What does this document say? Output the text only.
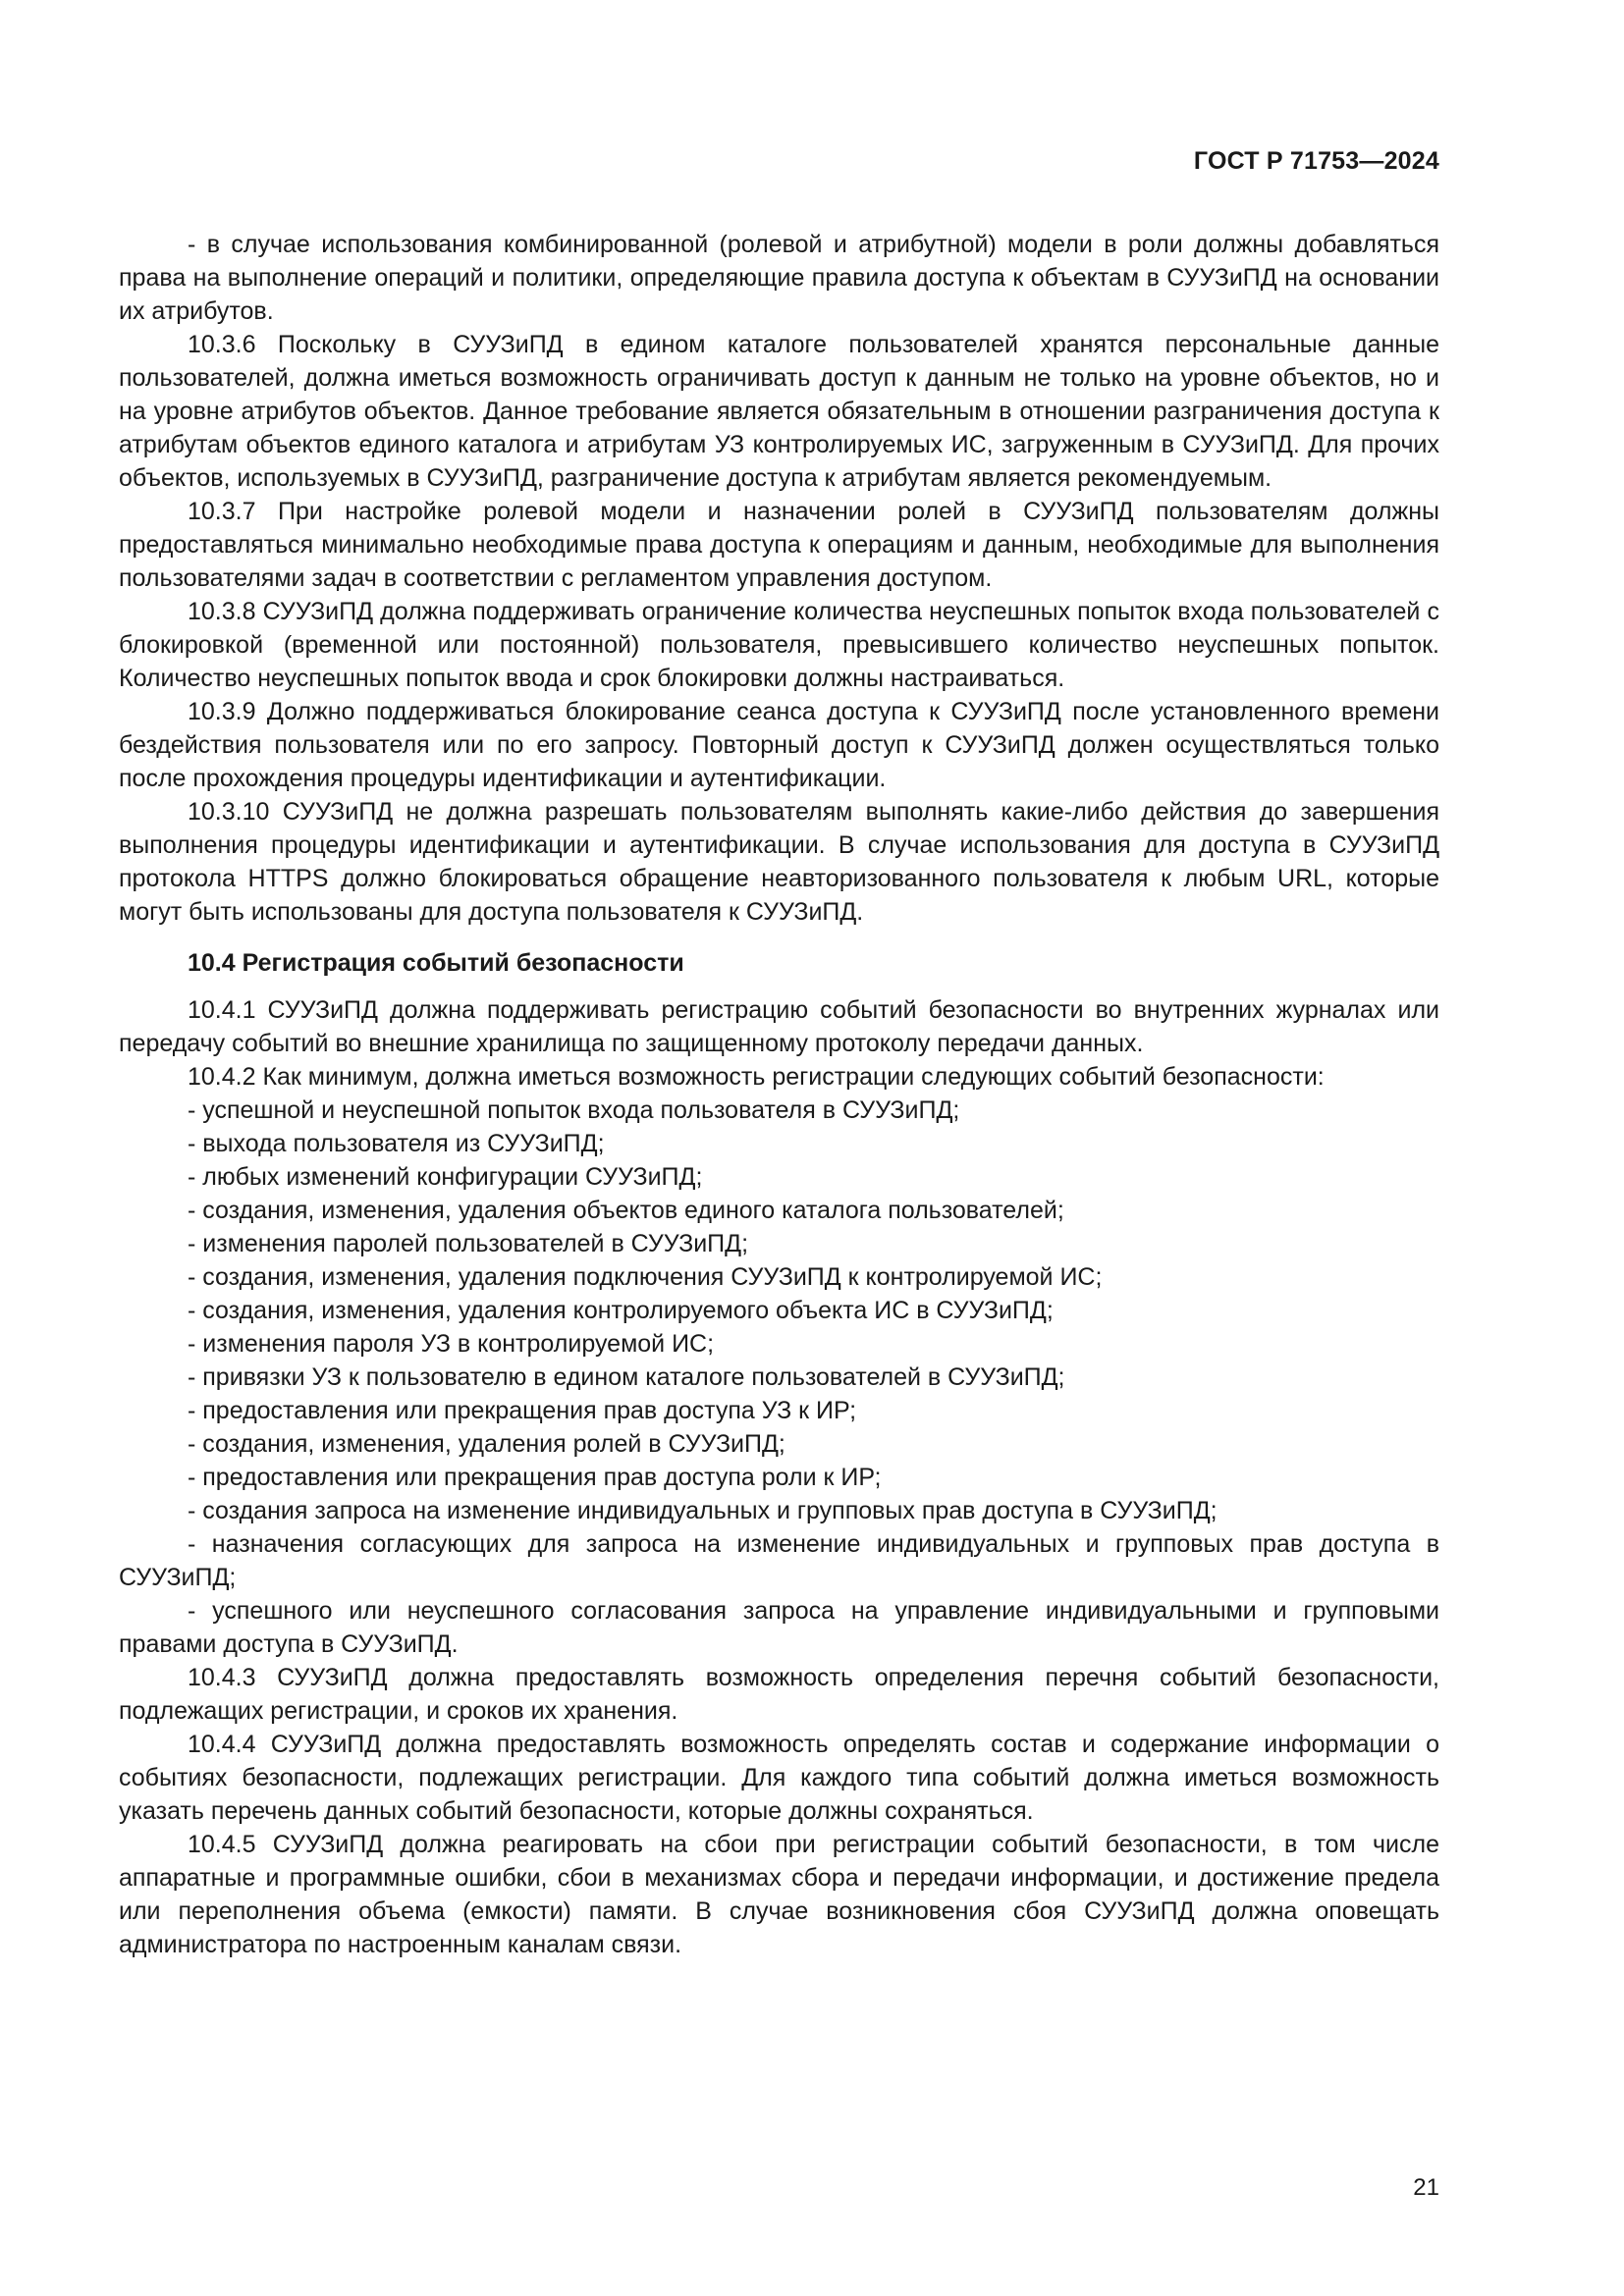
ГОСТ Р 71753—2024

- в случае использования комбинированной (ролевой и атрибутной) модели в роли должны добавляться права на выполнение операций и политики, определяющие правила доступа к объектам в СУУЗиПД на основании их атрибутов.

10.3.6 Поскольку в СУУЗиПД в едином каталоге пользователей хранятся персональные данные пользователей, должна иметься возможность ограничивать доступ к данным не только на уровне объектов, но и на уровне атрибутов объектов. Данное требование является обязательным в отношении разграничения доступа к атрибутам объектов единого каталога и атрибутам УЗ контролируемых ИС, загруженным в СУУЗиПД. Для прочих объектов, используемых в СУУЗиПД, разграничение доступа к атрибутам является рекомендуемым.

10.3.7 При настройке ролевой модели и назначении ролей в СУУЗиПД пользователям должны предоставляться минимально необходимые права доступа к операциям и данным, необходимые для выполнения пользователями задач в соответствии с регламентом управления доступом.

10.3.8 СУУЗиПД должна поддерживать ограничение количества неуспешных попыток входа пользователей с блокировкой (временной или постоянной) пользователя, превысившего количество неуспешных попыток. Количество неуспешных попыток ввода и срок блокировки должны настраиваться.

10.3.9 Должно поддерживаться блокирование сеанса доступа к СУУЗиПД после установленного времени бездействия пользователя или по его запросу. Повторный доступ к СУУЗиПД должен осуществляться только после прохождения процедуры идентификации и аутентификации.

10.3.10 СУУЗиПД не должна разрешать пользователям выполнять какие-либо действия до завершения выполнения процедуры идентификации и аутентификации. В случае использования для доступа в СУУЗиПД протокола HTTPS должно блокироваться обращение неавторизованного пользователя к любым URL, которые могут быть использованы для доступа пользователя к СУУЗиПД.

10.4 Регистрация событий безопасности

10.4.1 СУУЗиПД должна поддерживать регистрацию событий безопасности во внутренних журналах или передачу событий во внешние хранилища по защищенному протоколу передачи данных.

10.4.2 Как минимум, должна иметься возможность регистрации следующих событий безопасности:

- успешной и неуспешной попыток входа пользователя в СУУЗиПД;

- выхода пользователя из СУУЗиПД;

- любых изменений конфигурации СУУЗиПД;

- создания, изменения, удаления объектов единого каталога пользователей;

- изменения паролей пользователей в СУУЗиПД;

- создания, изменения, удаления подключения СУУЗиПД к контролируемой ИС;

- создания, изменения, удаления контролируемого объекта ИС в СУУЗиПД;

- изменения пароля УЗ в контролируемой ИС;

- привязки УЗ к пользователю в едином каталоге пользователей в СУУЗиПД;

- предоставления или прекращения прав доступа УЗ к ИР;

- создания, изменения, удаления ролей в СУУЗиПД;

- предоставления или прекращения прав доступа роли к ИР;

- создания запроса на изменение индивидуальных и групповых прав доступа в СУУЗиПД;

- назначения согласующих для запроса на изменение индивидуальных и групповых прав доступа в СУУЗиПД;

- успешного или неуспешного согласования запроса на управление индивидуальными и групповыми правами доступа в СУУЗиПД.

10.4.3 СУУЗиПД должна предоставлять возможность определения перечня событий безопасности, подлежащих регистрации, и сроков их хранения.

10.4.4 СУУЗиПД должна предоставлять возможность определять состав и содержание информации о событиях безопасности, подлежащих регистрации. Для каждого типа событий должна иметься возможность указать перечень данных событий безопасности, которые должны сохраняться.

10.4.5 СУУЗиПД должна реагировать на сбои при регистрации событий безопасности, в том числе аппаратные и программные ошибки, сбои в механизмах сбора и передачи информации, и достижение предела или переполнения объема (емкости) памяти. В случае возникновения сбоя СУУЗиПД должна оповещать администратора по настроенным каналам связи.

21
